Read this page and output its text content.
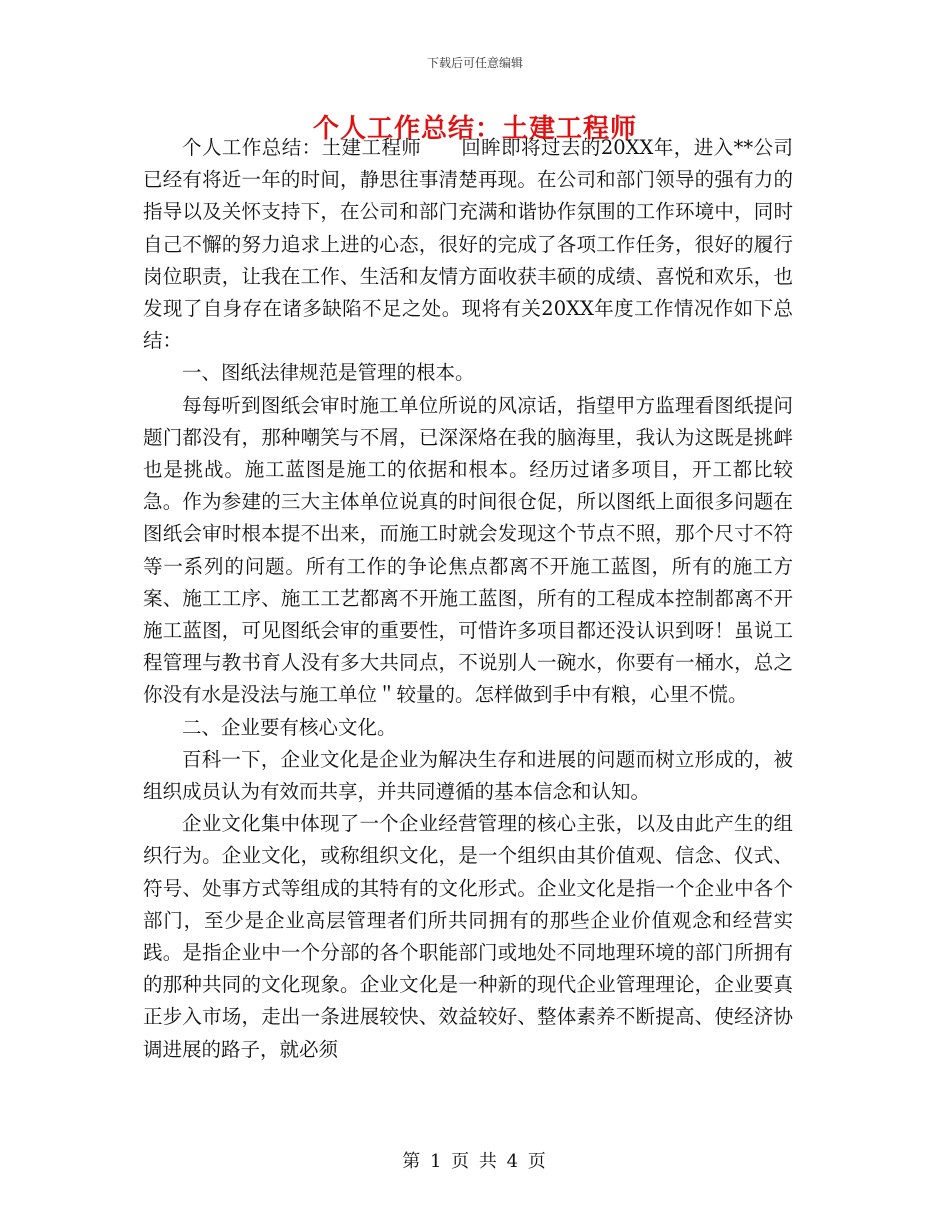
下载后可任意编辑
个人工作总结：土建工程师

个人工作总结：土建工程师　　回眸即将过去的20XX年，进入**公司已经有将近一年的时间，静思往事清楚再现。在公司和部门领导的强有力的指导以及关怀支持下，在公司和部门充满和谐协作氛围的工作环境中，同时自己不懈的努力追求上进的心态，很好的完成了各项工作任务，很好的履行岗位职责，让我在工作、生活和友情方面收获丰硕的成绩、喜悦和欢乐，也发现了自身存在诸多缺陷不足之处。现将有关20XX年度工作情况作如下总结：

一、图纸法律规范是管理的根本。

每每听到图纸会审时施工单位所说的风凉话，指望甲方监理看图纸提问题门都没有，那种嘲笑与不屑，已深深烙在我的脑海里，我认为这既是挑衅也是挑战。施工蓝图是施工的依据和根本。经历过诸多项目，开工都比较急。作为参建的三大主体单位说真的时间很仓促，所以图纸上面很多问题在图纸会审时根本提不出来，而施工时就会发现这个节点不照，那个尺寸不符等一系列的问题。所有工作的争论焦点都离不开施工蓝图，所有的施工方案、施工工序、施工工艺都离不开施工蓝图，所有的工程成本控制都离不开施工蓝图，可见图纸会审的重要性，可惜许多项目都还没认识到呀！虽说工程管理与教书育人没有多大共同点，不说别人一碗水，你要有一桶水，总之你没有水是没法与施工单位＂较量的。怎样做到手中有粮，心里不慌。

二、企业要有核心文化。

百科一下，企业文化是企业为解决生存和进展的问题而树立形成的，被组织成员认为有效而共享，并共同遵循的基本信念和认知。

企业文化集中体现了一个企业经营管理的核心主张，以及由此产生的组织行为。企业文化，或称组织文化，是一个组织由其价值观、信念、仪式、符号、处事方式等组成的其特有的文化形式。企业文化是指一个企业中各个部门，至少是企业高层管理者们所共同拥有的那些企业价值观念和经营实践。是指企业中一个分部的各个职能部门或地处不同地理环境的部门所拥有的那种共同的文化现象。企业文化是一种新的现代企业管理理论，企业要真正步入市场，走出一条进展较快、效益较好、整体素养不断提高、使经济协调进展的路子，就必须

第 1 页 共 4 页
